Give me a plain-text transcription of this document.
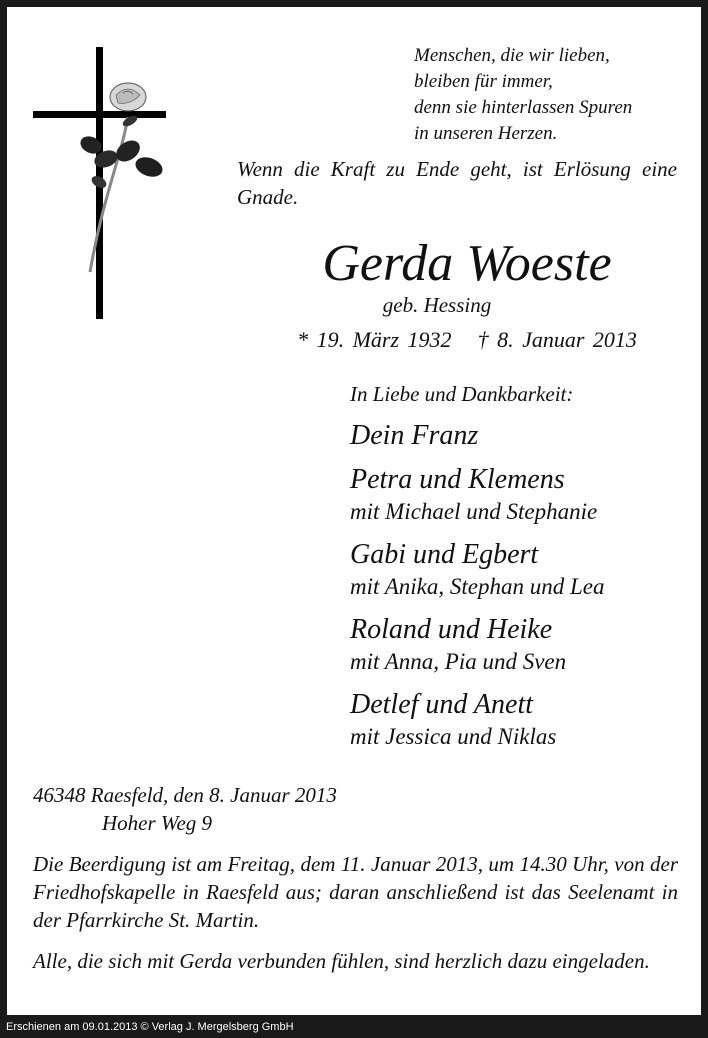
Menschen, die wir lieben,
bleiben für immer,
denn sie hinterlassen Spuren
in unseren Herzen.
Wenn die Kraft zu Ende geht, ist Erlösung eine Gnade.
Gerda Woeste
geb. Hessing
* 19. März 1932 † 8. Januar 2013
In Liebe und Dankbarkeit:
Dein Franz
Petra und Klemens
mit Michael und Stephanie
Gabi und Egbert
mit Anika, Stephan und Lea
Roland und Heike
mit Anna, Pia und Sven
Detlef und Anett
mit Jessica und Niklas
46348 Raesfeld, den 8. Januar 2013
Hoher Weg 9
Die Beerdigung ist am Freitag, dem 11. Januar 2013, um 14.30 Uhr, von der Friedhofskapelle in Raesfeld aus; daran anschließend ist das Seelenamt in der Pfarrkirche St. Martin.
Alle, die sich mit Gerda verbunden fühlen, sind herzlich dazu eingeladen.
Erschienen am 09.01.2013 © Verlag J. Mergelsberg GmbH
